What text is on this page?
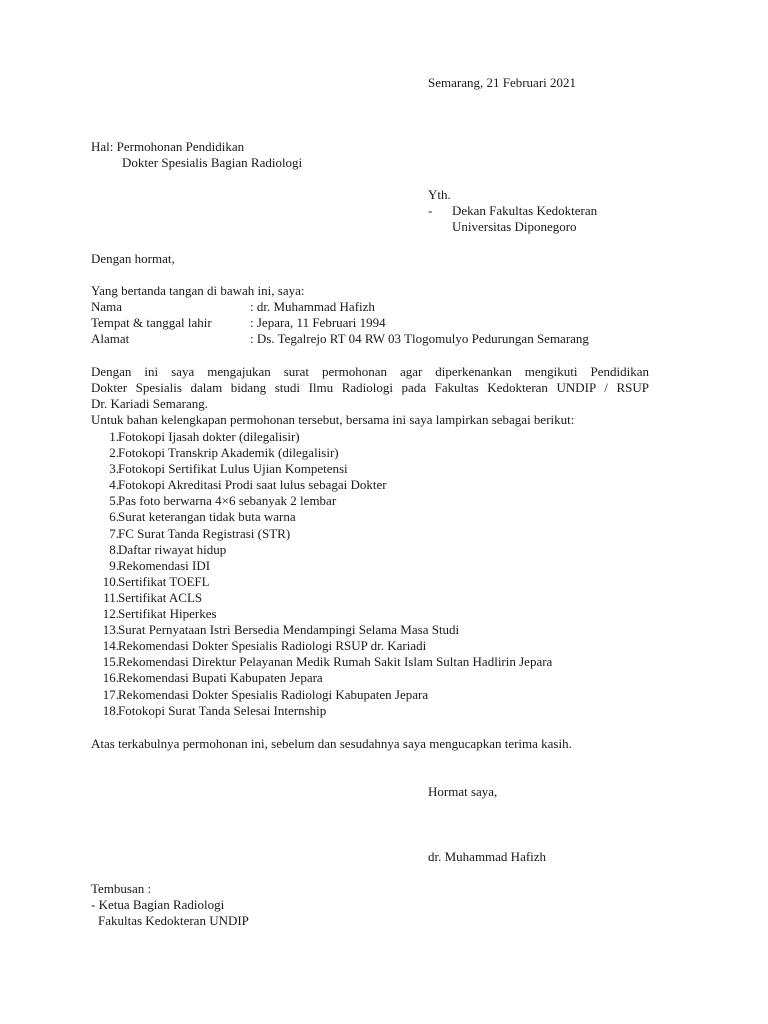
Semarang, 21 Februari 2021
Hal: Permohonan Pendidikan
Dokter Spesialis Bagian Radiologi
Yth.
- Dekan Fakultas Kedokteran
Universitas Diponegoro
Dengan hormat,
Yang bertanda tangan di bawah ini, saya:
Nama	: dr. Muhammad Hafizh
Tempat & tanggal lahir	: Jepara, 11 Februari 1994
Alamat	: Ds. Tegalrejo RT 04 RW 03 Tlogomulyo Pedurungan Semarang
Dengan ini saya mengajukan surat permohonan agar diperkenankan mengikuti Pendidikan
Dokter Spesialis dalam bidang studi Ilmu Radiologi pada Fakultas Kedokteran UNDIP / RSUP
Dr. Kariadi Semarang.
Untuk bahan kelengkapan permohonan tersebut, bersama ini saya lampirkan sebagai berikut:
1. Fotokopi Ijasah dokter (dilegalisir)
2. Fotokopi Transkrip Akademik (dilegalisir)
3. Fotokopi Sertifikat Lulus Ujian Kompetensi
4. Fotokopi Akreditasi Prodi saat lulus sebagai Dokter
5. Pas foto berwarna 4×6 sebanyak 2 lembar
6. Surat keterangan tidak buta warna
7. FC Surat Tanda Registrasi (STR)
8. Daftar riwayat hidup
9. Rekomendasi IDI
10. Sertifikat TOEFL
11. Sertifikat ACLS
12. Sertifikat Hiperkes
13. Surat Pernyataan Istri Bersedia Mendampingi Selama Masa Studi
14. Rekomendasi Dokter Spesialis Radiologi RSUP dr. Kariadi
15. Rekomendasi Direktur Pelayanan Medik Rumah Sakit Islam Sultan Hadlirin Jepara
16. Rekomendasi Bupati Kabupaten Jepara
17. Rekomendasi Dokter Spesialis Radiologi Kabupaten Jepara
18. Fotokopi Surat Tanda Selesai Internship
Atas terkabulnya permohonan ini, sebelum dan sesudahnya saya mengucapkan terima kasih.
Hormat saya,
dr. Muhammad Hafizh
Tembusan :
- Ketua Bagian Radiologi
Fakultas Kedokteran UNDIP
